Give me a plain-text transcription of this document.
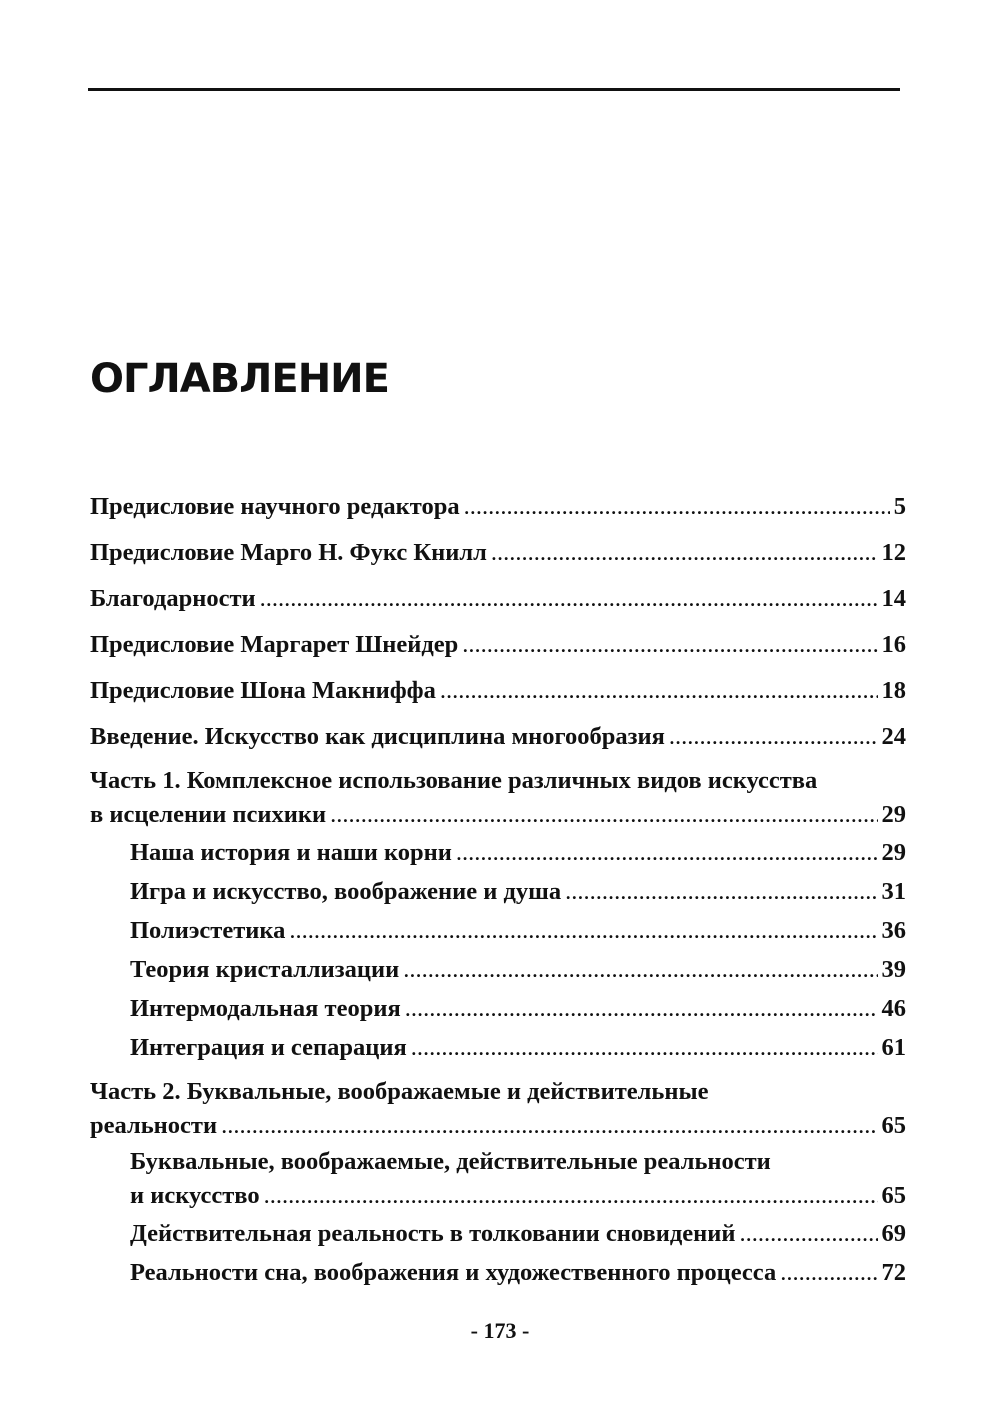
ОГЛАВЛЕНИЕ
Предисловие научного редактора .....	5
Предисловие Марго Н. Фукс Книлл .....	12
Благодарности .....	14
Предисловие Маргарет Шнейдер .....	16
Предисловие Шона Макниффа .....	18
Введение. Искусство как дисциплина многообразия .....	24
Часть 1. Комплексное использование различных видов искусства
в исцелении психики .....	29
Наша история и наши корни .....	29
Игра и искусство, воображение и душа .....	31
Полиэстетика .....	36
Теория кристаллизации .....	39
Интермодальная теория .....	46
Интеграция и сепарация .....	61
Часть 2. Буквальные, воображаемые и действительные
реальности .....	65
Буквальные, воображаемые, действительные реальности
и искусство .....	65
Действительная реальность в толковании сновидений .....	69
Реальности сна, воображения и художественного процесса .....	72
- 173 -
